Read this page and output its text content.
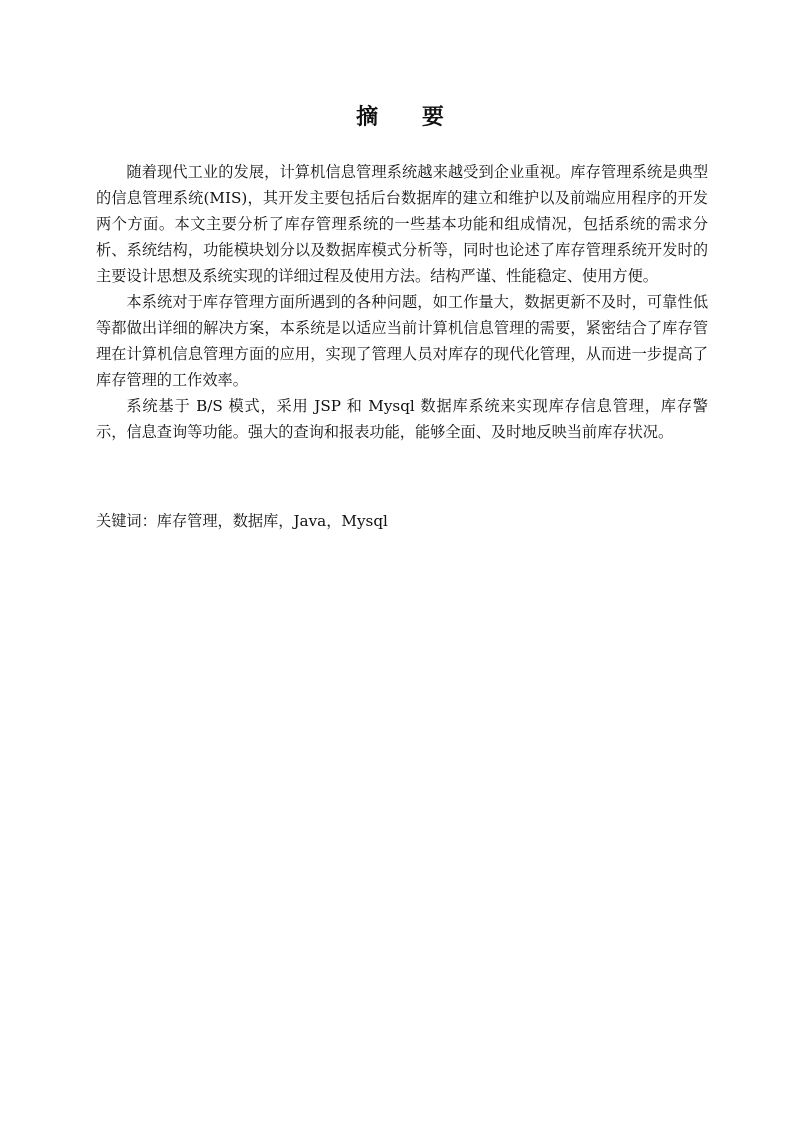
摘 要

随着现代工业的发展，计算机信息管理系统越来越受到企业重视。库存管理系统是典型的信息管理系统(MIS)，其开发主要包括后台数据库的建立和维护以及前端应用程序的开发两个方面。本文主要分析了库存管理系统的一些基本功能和组成情况，包括系统的需求分析、系统结构，功能模块划分以及数据库模式分析等，同时也论述了库存管理系统开发时的主要设计思想及系统实现的详细过程及使用方法。结构严谨、性能稳定、使用方便。

本系统对于库存管理方面所遇到的各种问题，如工作量大，数据更新不及时，可靠性低等都做出详细的解决方案，本系统是以适应当前计算机信息管理的需要，紧密结合了库存管理在计算机信息管理方面的应用，实现了管理人员对库存的现代化管理，从而进一步提高了库存管理的工作效率。

系统基于 B/S 模式，采用 JSP 和 Mysql 数据库系统来实现库存信息管理，库存警示，信息查询等功能。强大的查询和报表功能，能够全面、及时地反映当前库存状况。

关键词：库存管理，数据库，Java，Mysql
